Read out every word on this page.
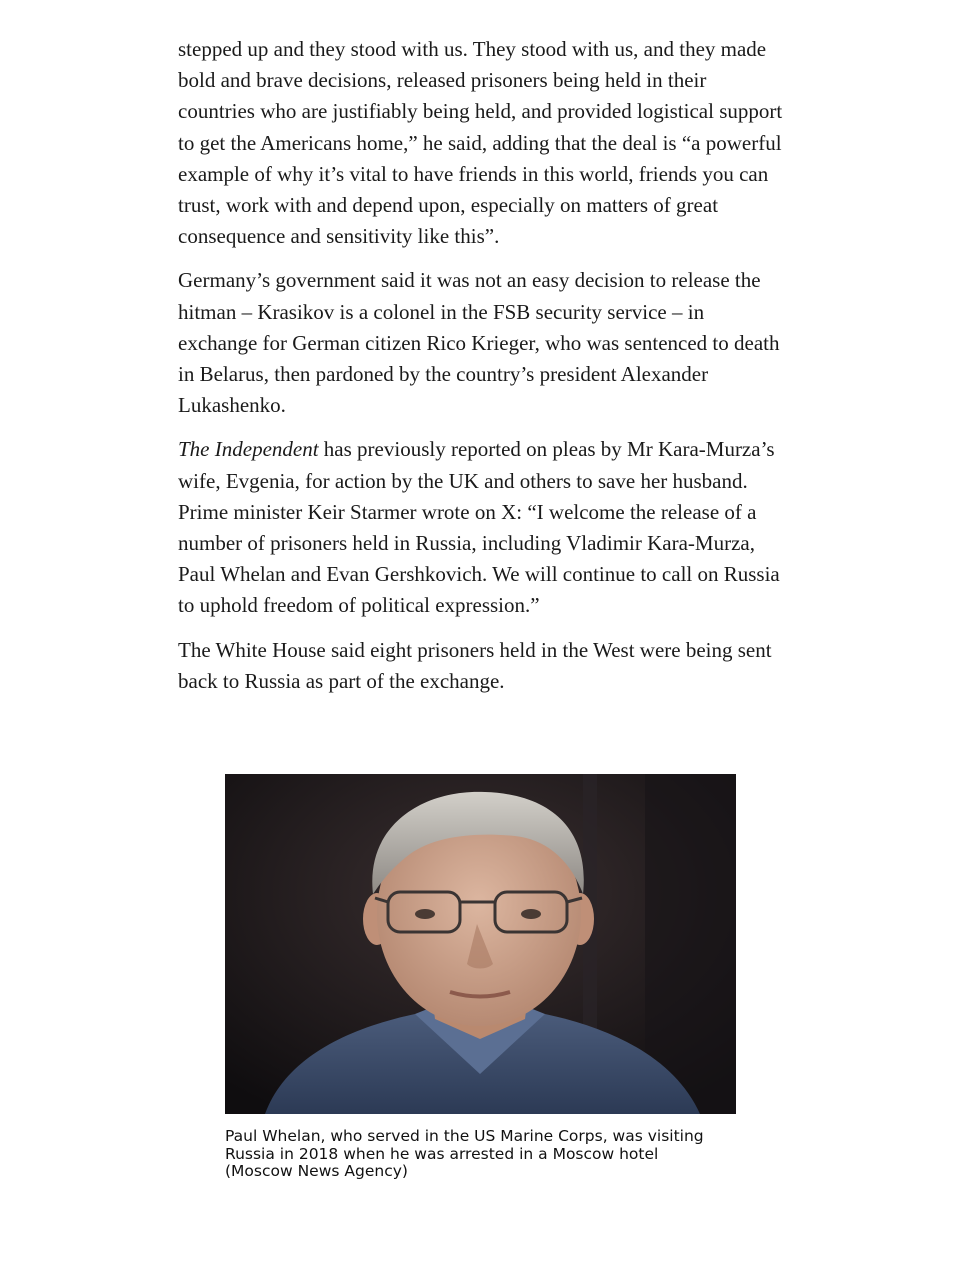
stepped up and they stood with us. They stood with us, and they made bold and brave decisions, released prisoners being held in their countries who are justifiably being held, and provided logistical support to get the Americans home,” he said, adding that the deal is “a powerful example of why it’s vital to have friends in this world, friends you can trust, work with and depend upon, especially on matters of great consequence and sensitivity like this”.

Germany’s government said it was not an easy decision to release the hitman – Krasikov is a colonel in the FSB security service – in exchange for German citizen Rico Krieger, who was sentenced to death in Belarus, then pardoned by the country’s president Alexander Lukashenko.

The Independent has previously reported on pleas by Mr Kara-Murza’s wife, Evgenia, for action by the UK and others to save her husband. Prime minister Keir Starmer wrote on X: “I welcome the release of a number of prisoners held in Russia, including Vladimir Kara-Murza, Paul Whelan and Evan Gershkovich. We will continue to call on Russia to uphold freedom of political expression.”

The White House said eight prisoners held in the West were being sent back to Russia as part of the exchange.

Paul Whelan, who served in the US Marine Corps, was visiting Russia in 2018 when he was arrested in a Moscow hotel (Moscow News Agency)
